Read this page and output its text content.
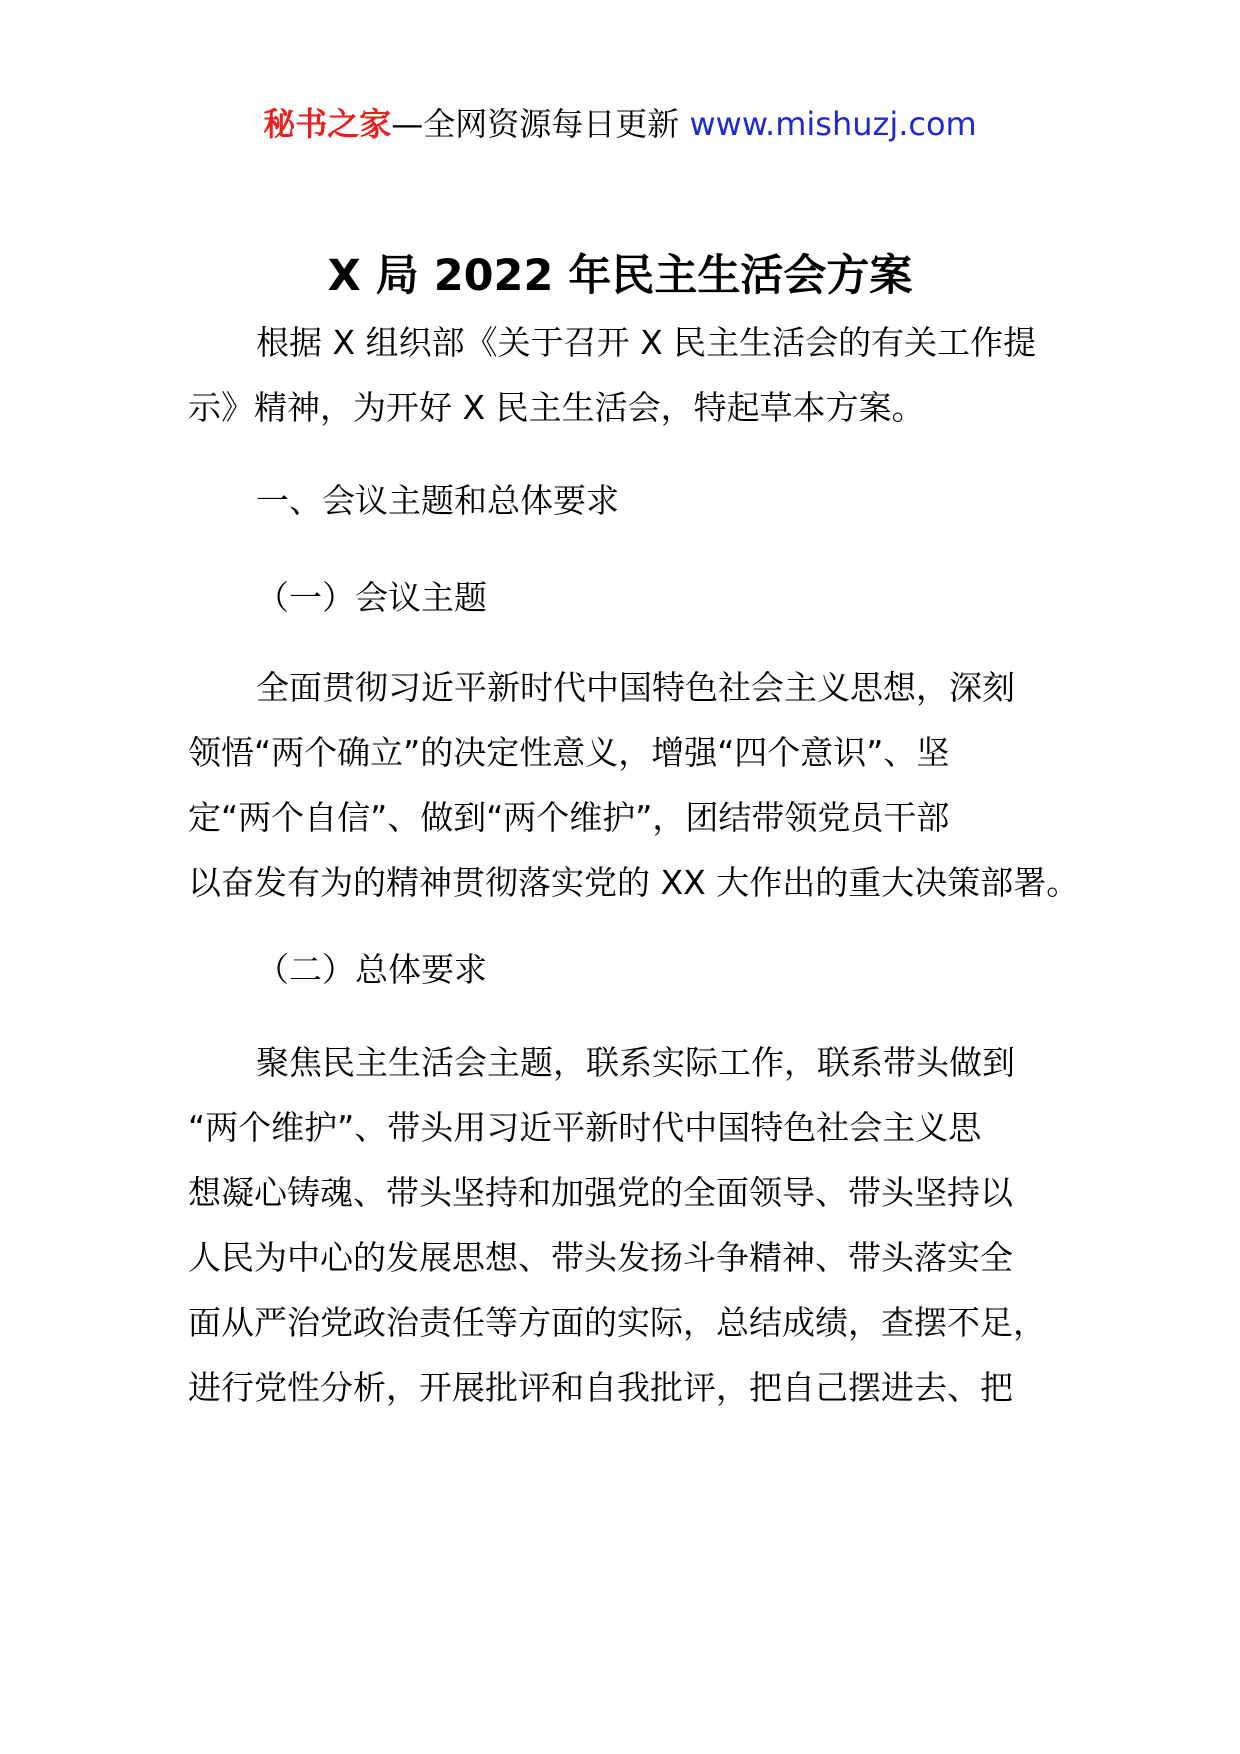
秘书之家—全网资源每日更新 www.mishuzj.com
X 局 2022 年民主生活会方案
根据 X 组织部《关于召开 X 民主生活会的有关工作提
示》精神，为开好 X 民主生活会，特起草本方案。
一、会议主题和总体要求
（一）会议主题
全面贯彻习近平新时代中国特色社会主义思想，深刻
领悟“两个确立”的决定性意义，增强“四个意识”、坚
定“两个自信”、做到“两个维护”，团结带领党员干部
以奋发有为的精神贯彻落实党的 XX 大作出的重大决策部署。
（二）总体要求
聚焦民主生活会主题，联系实际工作，联系带头做到
“两个维护”、带头用习近平新时代中国特色社会主义思
想凝心铸魂、带头坚持和加强党的全面领导、带头坚持以
人民为中心的发展思想、带头发扬斗争精神、带头落实全
面从严治党政治责任等方面的实际，总结成绩，查摆不足，
进行党性分析，开展批评和自我批评，把自己摆进去、把
